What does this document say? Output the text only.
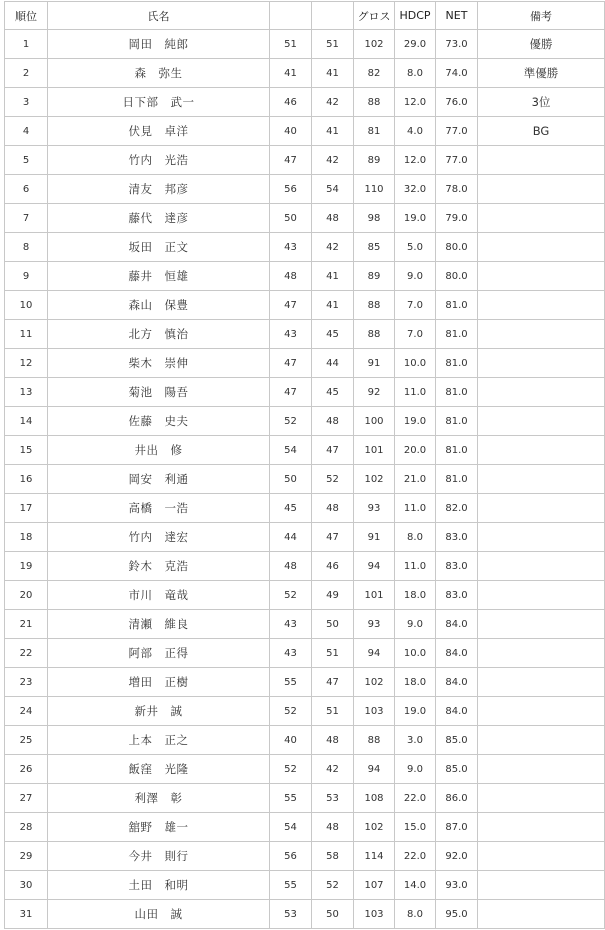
順位	氏名			グロス	HDCP	NET	備考
1	岡田　純郎	51	51	102	29.0	73.0	優勝
2	森　弥生	41	41	82	8.0	74.0	準優勝
3	日下部　武一	46	42	88	12.0	76.0	3位
4	伏見　卓洋	40	41	81	4.0	77.0	BG
5	竹内　光浩	47	42	89	12.0	77.0	
6	清友　邦彦	56	54	110	32.0	78.0	
7	藤代　達彦	50	48	98	19.0	79.0	
8	坂田　正文	43	42	85	5.0	80.0	
9	藤井　恒雄	48	41	89	9.0	80.0	
10	森山　保豊	47	41	88	7.0	81.0	
11	北方　慎治	43	45	88	7.0	81.0	
12	柴木　崇伸	47	44	91	10.0	81.0	
13	菊池　陽吾	47	45	92	11.0	81.0	
14	佐藤　史夫	52	48	100	19.0	81.0	
15	井出　修	54	47	101	20.0	81.0	
16	岡安　利通	50	52	102	21.0	81.0	
17	高橋　一浩	45	48	93	11.0	82.0	
18	竹内　達宏	44	47	91	8.0	83.0	
19	鈴木　克浩	48	46	94	11.0	83.0	
20	市川　竜哉	52	49	101	18.0	83.0	
21	清瀬　維良	43	50	93	9.0	84.0	
22	阿部　正得	43	51	94	10.0	84.0	
23	増田　正樹	55	47	102	18.0	84.0	
24	新井　誠	52	51	103	19.0	84.0	
25	上本　正之	40	48	88	3.0	85.0	
26	飯窪　光隆	52	42	94	9.0	85.0	
27	利澤　彰	55	53	108	22.0	86.0	
28	舘野　雄一	54	48	102	15.0	87.0	
29	今井　則行	56	58	114	22.0	92.0	
30	土田　和明	55	52	107	14.0	93.0	
31	山田　誠	53	50	103	8.0	95.0	
